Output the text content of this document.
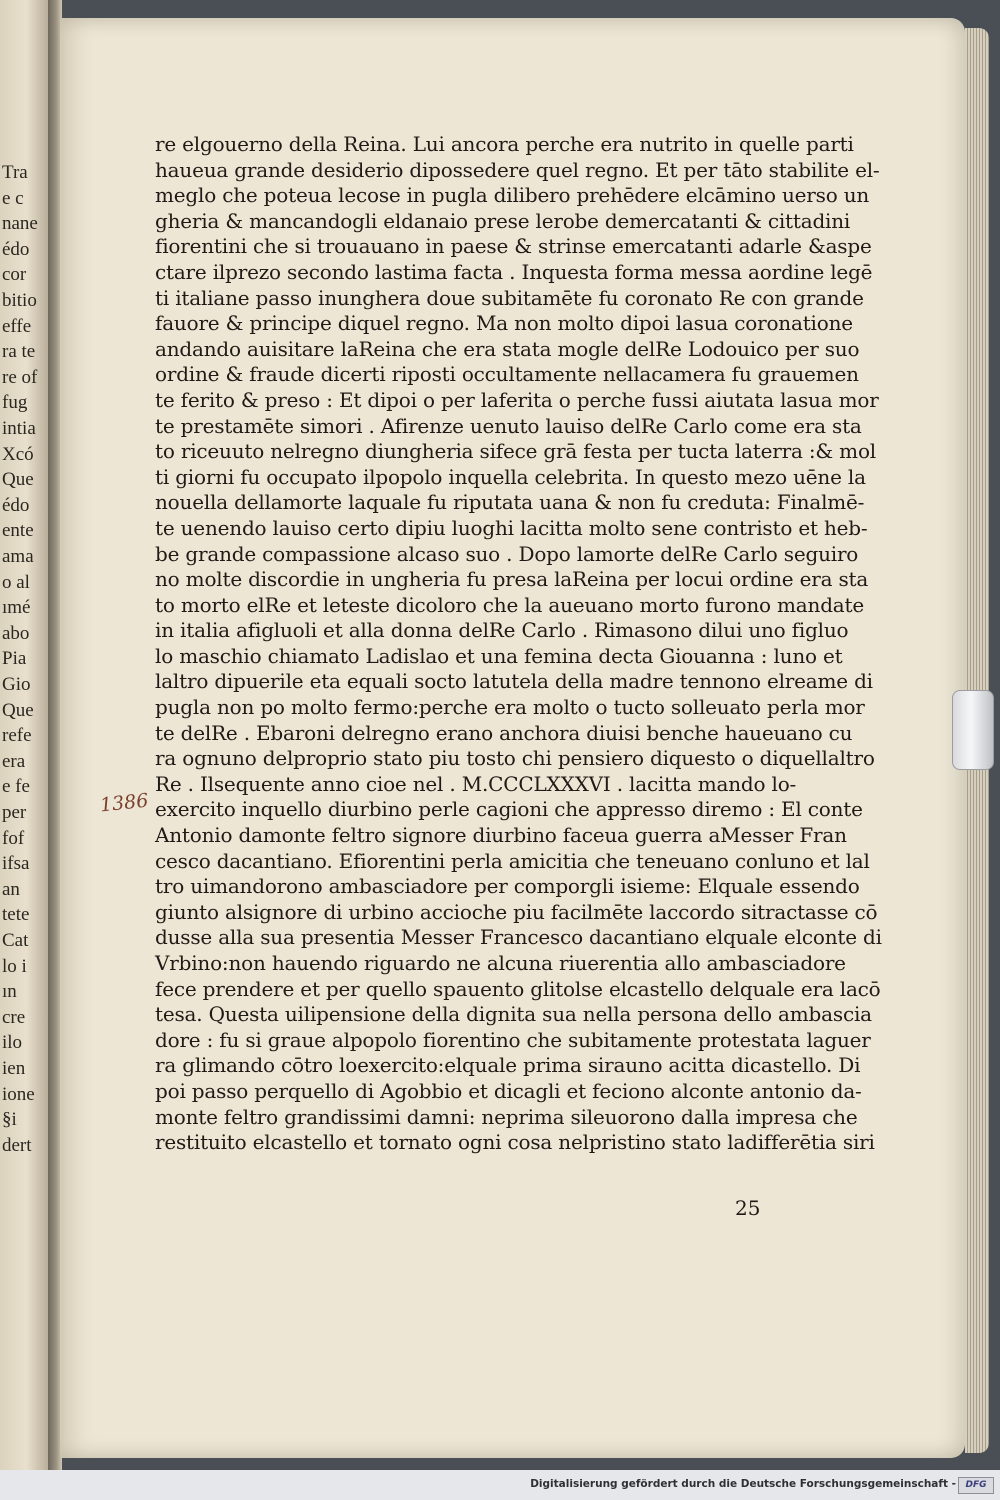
Tra
e c
nane
édo
cor
bitio
effe
ra te
re of
fug
intia
Xcó
Que
édo
ente
ama
o al
ımé
abo
Pia
Gio
Que
refe
era
e fe
per
fof
ifsa
an
tete
Cat
lo i
ın
cre
ilo
ien
ione
§i
dert
re elgouerno della Reina. Lui ancora perche era nutrito in quelle parti
haueua grande desiderio dipossedere quel regno. Et per tāto stabilite el-
meglo che poteua lecose in pugla dilibero prehēdere elcāmino uerso un
gheria & mancandogli eldanaio prese lerobe demercatanti & cittadini
fiorentini che si trouauano in paese & strinse emercatanti adarle &aspe
ctare ilprezo secondo lastima facta . Inquesta forma messa aordine legē
ti italiane passo inunghera doue subitamēte fu coronato Re con grande
fauore & principe diquel regno. Ma non molto dipoi lasua coronatione
andando auisitare laReina che era stata mogle delRe Lodouico per suo
ordine & fraude dicerti riposti occultamente nellacamera fu grauemen
te ferito & preso : Et dipoi o per laferita o perche fussi aiutata lasua mor
te prestamēte simori . Afirenze uenuto lauiso delRe Carlo come era sta
to riceuuto nelregno diungheria sifece grā festa per tucta laterra :& mol
ti giorni fu occupato ilpopolo inquella celebrita. In questo mezo uēne la
nouella dellamorte laquale fu riputata uana & non fu creduta: Finalmē-
te uenendo lauiso certo dipiu luoghi lacitta molto sene contristo et heb-
be grande compassione alcaso suo . Dopo lamorte delRe Carlo seguiro
no molte discordie in ungheria fu presa laReina per locui ordine era sta
to morto elRe et leteste dicoloro che la aueuano morto furono mandate
in italia afigluoli et alla donna delRe Carlo . Rimasono dilui uno figluo
lo maschio chiamato Ladislao et una femina decta Giouanna : luno et
laltro dipuerile eta equali socto latutela della madre tennono elreame di
pugla non po molto fermo:perche era molto o tucto solleuato perla mor
te delRe . Ebaroni delregno erano anchora diuisi benche haueuano cu
ra ognuno delproprio stato piu tosto chi pensiero diquesto o diquellaltro
Re . Ilsequente anno cioe nel . M.CCCLXXXVI . lacitta mando lo-
exercito inquello diurbino perle cagioni che appresso diremo : El conte
Antonio damonte feltro signore diurbino faceua guerra aMesser Fran
cesco dacantiano. Efiorentini perla amicitia che teneuano conluno et lal
tro uimandorono ambasciadore per comporgli isieme: Elquale essendo
giunto alsignore di urbino accioche piu facilmēte laccordo sitractasse cō
dusse alla sua presentia Messer Francesco dacantiano elquale elconte di
Vrbino:non hauendo riguardo ne alcuna riuerentia allo ambasciadore
fece prendere et per quello spauento glitolse elcastello delquale era lacō
tesa. Questa uilipensione della dignita sua nella persona dello ambascia
dore : fu si graue alpopolo fiorentino che subitamente protestata laguer
ra glimando cōtro loexercito:elquale prima sirauno acitta dicastello. Di
poi passo perquello di Agobbio et dicagli et feciono alconte antonio da-
monte feltro grandissimi damni: neprima sileuorono dalla impresa che
restituito elcastello et tornato ogni cosa nelpristino stato ladifferētia siri
1386
25
Digitalisierung gefördert durch die Deutsche Forschungsgemeinschaft -	DFG
